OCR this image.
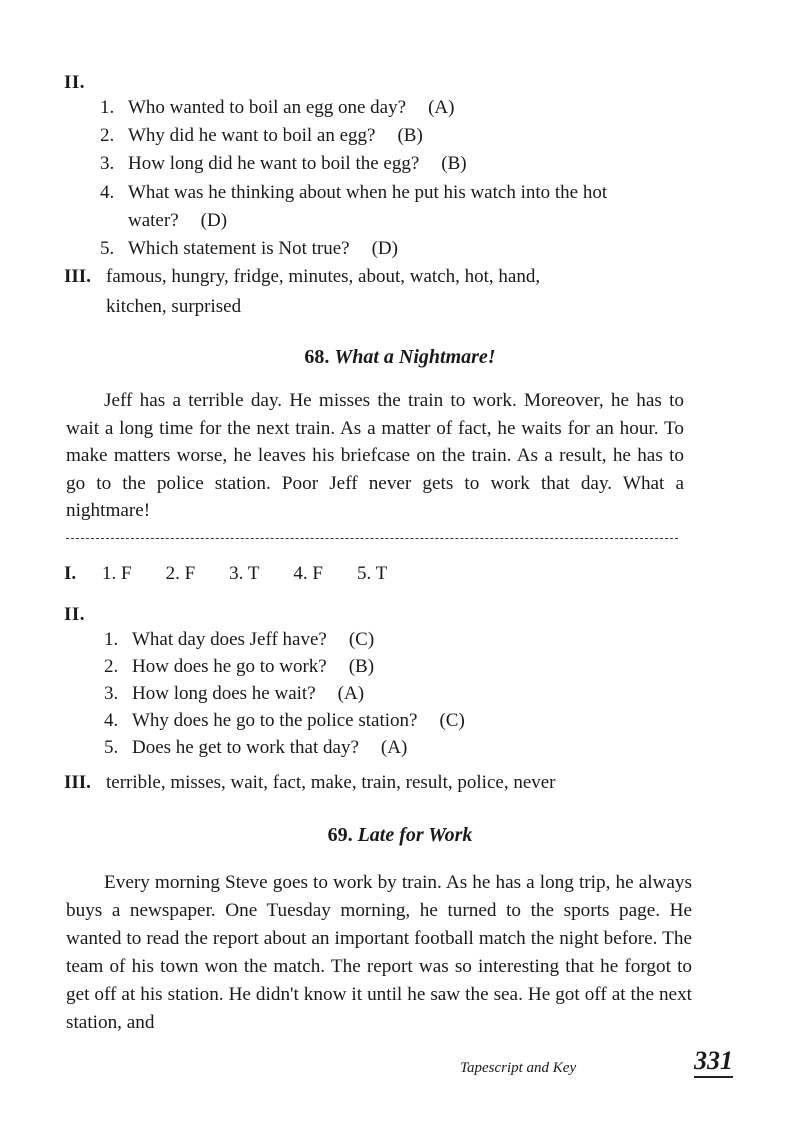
II.
1. Who wanted to boil an egg one day? (A)
2. Why did he want to boil an egg? (B)
3. How long did he want to boil the egg? (B)
4. What was he thinking about when he put his watch into the hot
water? (D)
5. Which statement is Not true? (D)
III. famous, hungry, fridge, minutes, about, watch, hot, hand,
kitchen, surprised
68. What a Nightmare!

Jeff has a terrible day. He misses the train to work. Moreover, he has to wait a long time for the next train. As a matter of fact, he waits for an hour. To make matters worse, he leaves his briefcase on the train. As a result, he has to go to the police station. Poor Jeff never gets to work that day. What a nightmare!

I.	1. F 2. F 3. T 4. F 5. T
II.
1. What day does Jeff have? (C)
2. How does he go to work? (B)
3. How long does he wait? (A)
4. Why does he go to the police station? (C)
5. Does he get to work that day? (A)
III. terrible, misses, wait, fact, make, train, result, police, never
69. Late for Work

Every morning Steve goes to work by train. As he has a long trip, he always buys a newspaper. One Tuesday morning, he turned to the sports page. He wanted to read the report about an important football match the night before. The team of his town won the match. The report was so interesting that he forgot to get off at his station. He didn't know it until he saw the sea. He got off at the next station, and

Tapescript and Key	331
